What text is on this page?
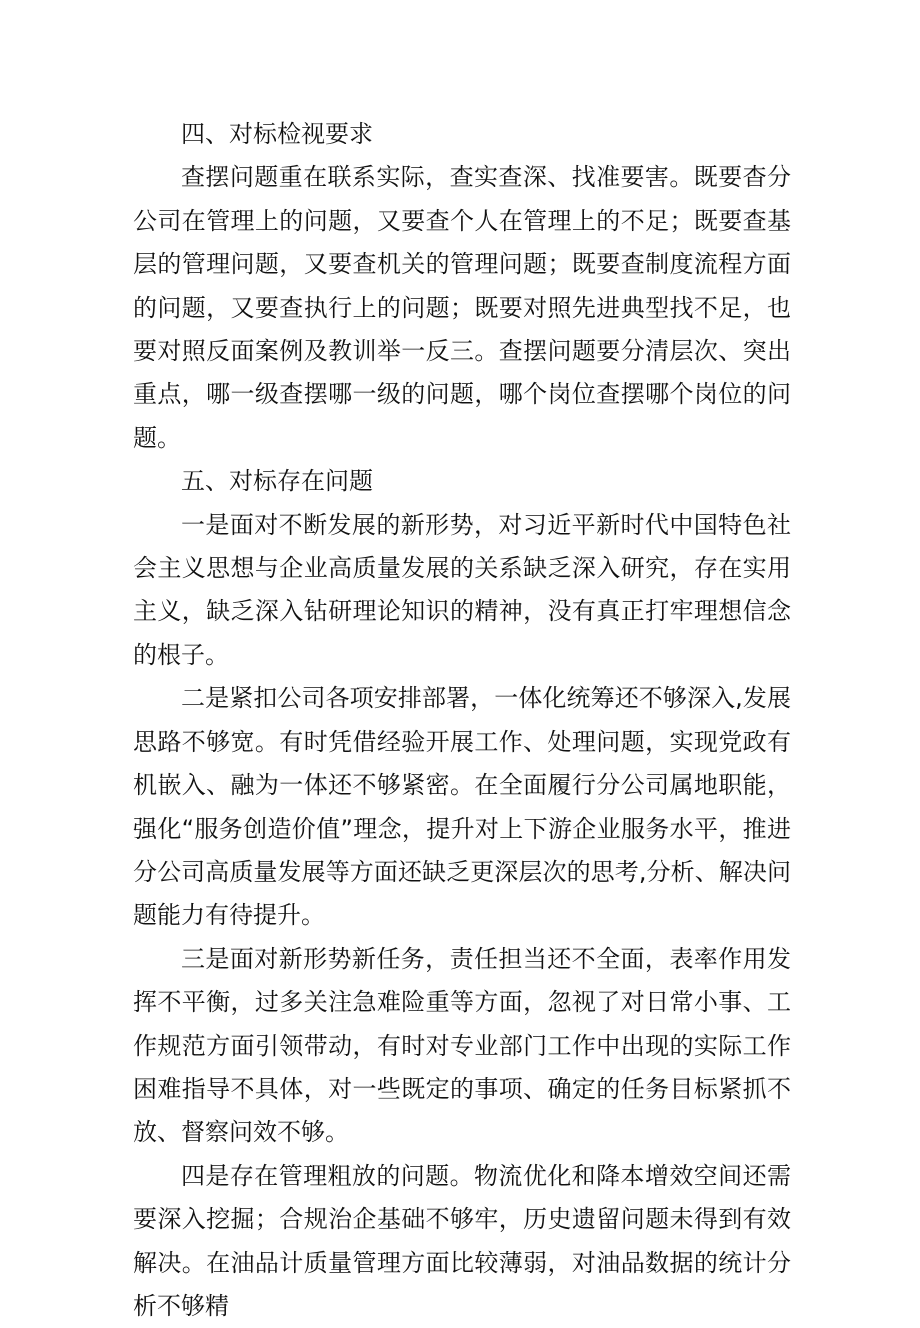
四、对标检视要求

查摆问题重在联系实际，查实查深、找准要害。既要杳分公司在管理上的问题，又要查个人在管理上的不足；既要查基层的管理问题，又要查机关的管理问题；既要查制度流程方面的问题，又要查执行上的问题；既要对照先进典型找不足，也要对照反面案例及教训举一反三。查摆问题要分清层次、突出重点，哪一级查摆哪一级的问题，哪个岗位查摆哪个岗位的问题。

五、对标存在问题

一是面对不断发展的新形势，对习近平新时代中国特色社会主义思想与企业高质量发展的关系缺乏深入研究，存在实用主义，缺乏深入钻研理论知识的精神，没有真正打牢理想信念的根子。

二是紧扣公司各项安排部署，一体化统筹还不够深入,发展思路不够宽。有时凭借经验开展工作、处理问题，实现党政有机嵌入、融为一体还不够紧密。在全面履行分公司属地职能，强化“服务创造价值”理念，提升对上下游企业服务水平，推进分公司高质量发展等方面还缺乏更深层次的思考,分析、解决问题能力有待提升。

三是面对新形势新任务，责任担当还不全面，表率作用发挥不平衡，过多关注急难险重等方面，忽视了对日常小事、工作规范方面引领带动，有时对专业部门工作中出现的实际工作困难指导不具体，对一些既定的事项、确定的任务目标紧抓不放、督察问效不够。

四是存在管理粗放的问题。物流优化和降本增效空间还需要深入挖掘；合规治企基础不够牢，历史遗留问题未得到有效解决。在油品计质量管理方面比较薄弱，对油品数据的统计分析不够精
